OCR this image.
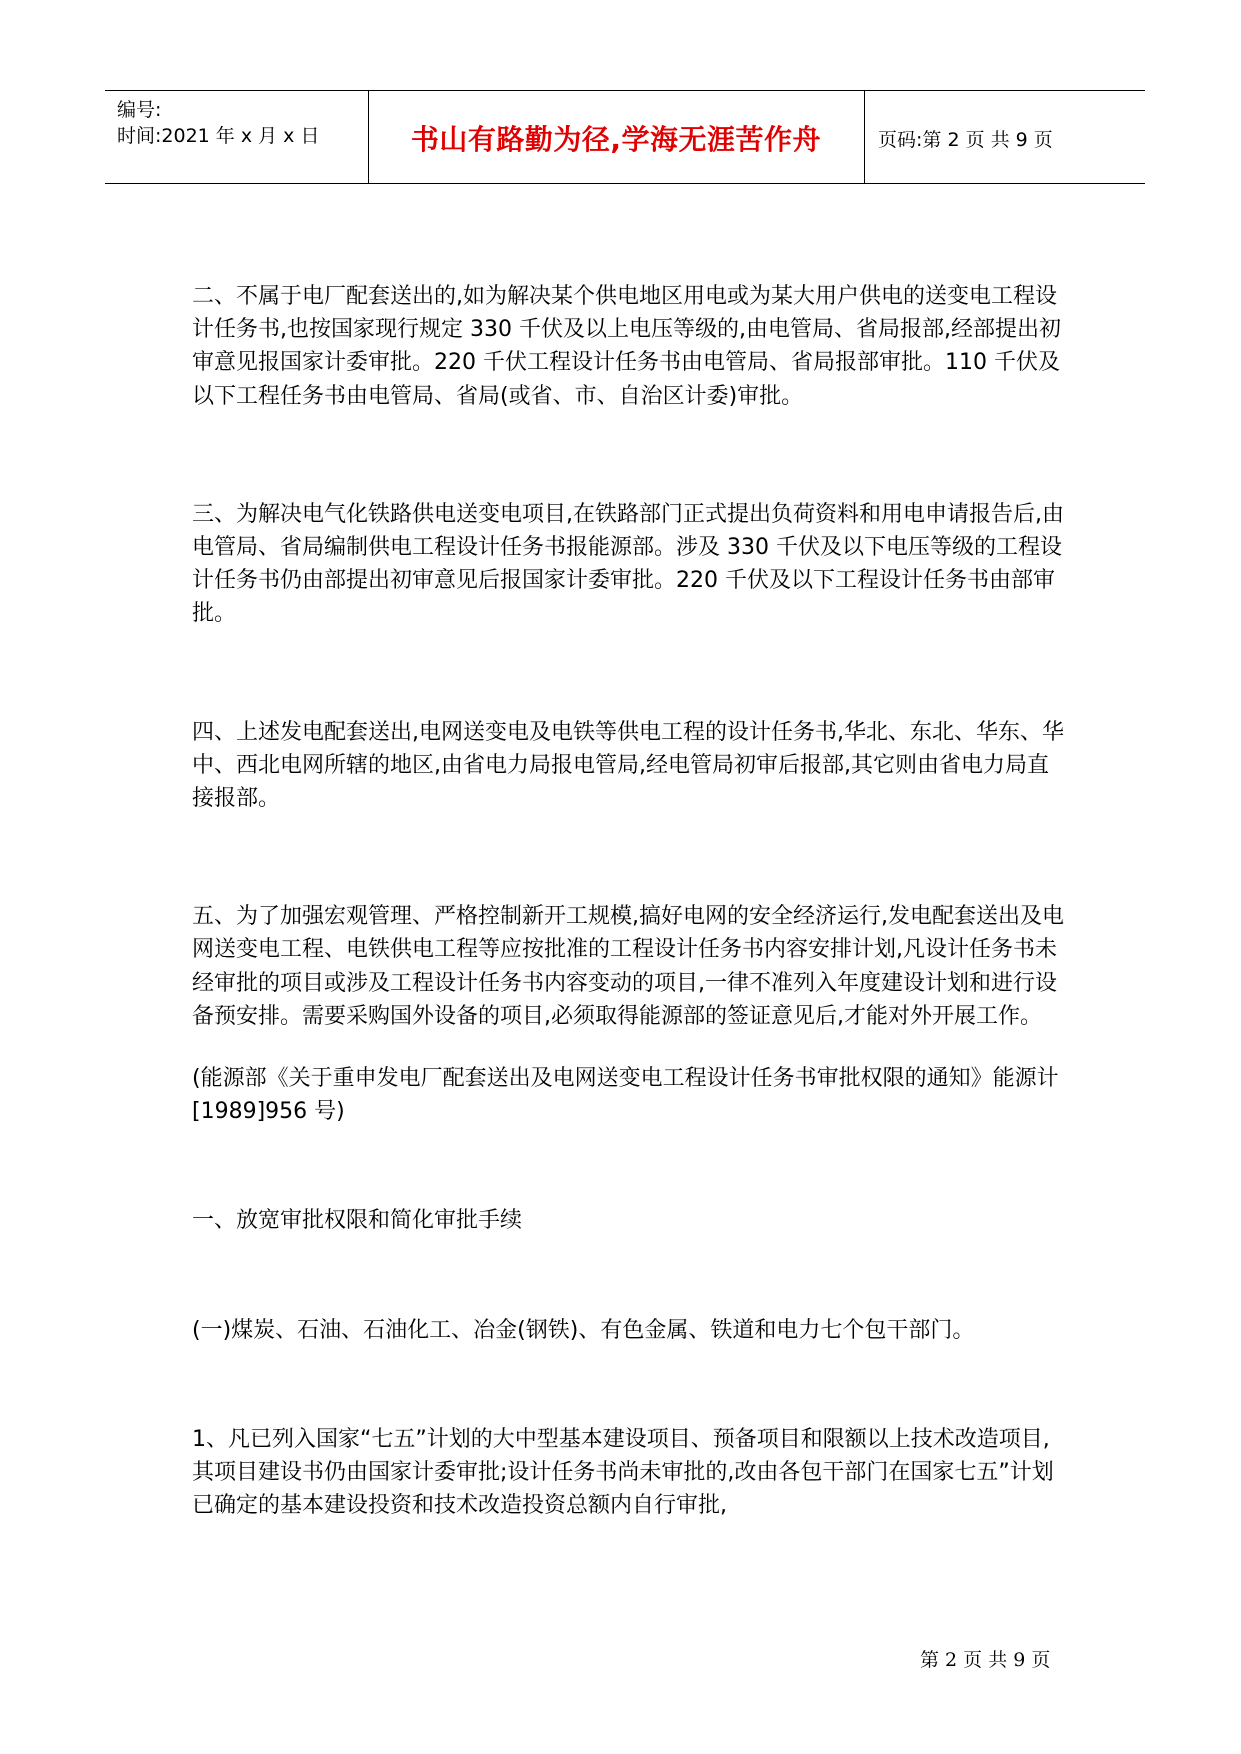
编号:
时间:2021 年 x 月 x 日	书山有路勤为径,学海无涯苦作舟	页码:第 2 页 共 9 页

二、不属于电厂配套送出的,如为解决某个供电地区用电或为某大用户供电的送变电工程设计任务书,也按国家现行规定 330 千伏及以上电压等级的,由电管局、省局报部,经部提出初审意见报国家计委审批。220 千伏工程设计任务书由电管局、省局报部审批。110 千伏及以下工程任务书由电管局、省局(或省、市、自治区计委)审批。

三、为解决电气化铁路供电送变电项目,在铁路部门正式提出负荷资料和用电申请报告后,由电管局、省局编制供电工程设计任务书报能源部。涉及 330 千伏及以下电压等级的工程设计任务书仍由部提出初审意见后报国家计委审批。220 千伏及以下工程设计任务书由部审批。

四、上述发电配套送出,电网送变电及电铁等供电工程的设计任务书,华北、东北、华东、华中、西北电网所辖的地区,由省电力局报电管局,经电管局初审后报部,其它则由省电力局直接报部。

五、为了加强宏观管理、严格控制新开工规模,搞好电网的安全经济运行,发电配套送出及电网送变电工程、电铁供电工程等应按批准的工程设计任务书内容安排计划,凡设计任务书未经审批的项目或涉及工程设计任务书内容变动的项目,一律不准列入年度建设计划和进行设备预安排。需要采购国外设备的项目,必须取得能源部的签证意见后,才能对外开展工作。

(能源部《关于重申发电厂配套送出及电网送变电工程设计任务书审批权限的通知》能源计[1989]956 号)

一、放宽审批权限和简化审批手续

(一)煤炭、石油、石油化工、冶金(钢铁)、有色金属、铁道和电力七个包干部门。

1、凡已列入国家“七五”计划的大中型基本建设项目、预备项目和限额以上技术改造项目,其项目建设书仍由国家计委审批;设计任务书尚未审批的,改由各包干部门在国家七五”计划已确定的基本建设投资和技术改造投资总额内自行审批,

第 2 页 共 9 页
